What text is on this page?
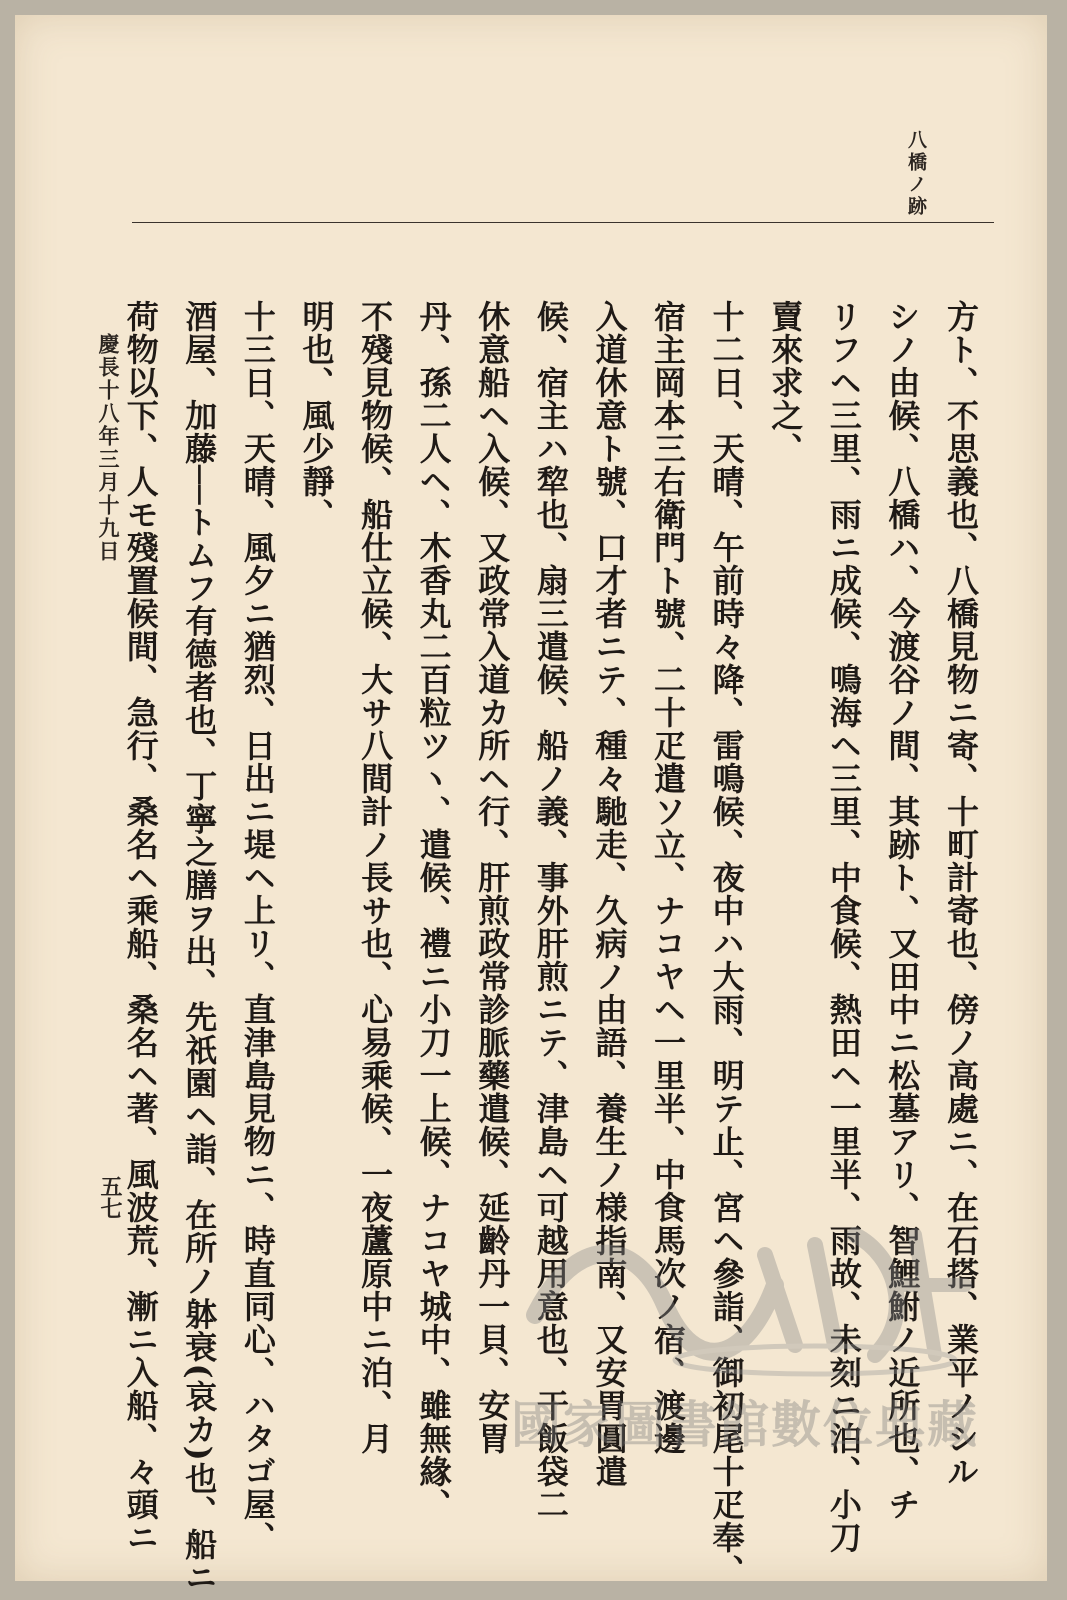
八橋ノ跡
方ト、不思義也、八橋見物ニ寄、十町計寄也、傍ノ高處ニ、在石搭、業平ノシル
シノ由候、八橋ハ、今渡谷ノ間、其跡ト、又田中ニ松墓アリ、智鯉鮒ノ近所也、チ
リフヘ三里、雨ニ成候、鳴海ヘ三里、中食候、熱田ヘ一里半、雨故、未刻ニ泊、小刀
賣來求之、
十二日、天晴、午前時々降、雷鳴候、夜中ハ大雨、明テ止、宮ヘ參詣、御初尾十疋奉、
宿主岡本三右衛門ト號、二十疋遣ソ立、ナコヤヘ一里半、中食馬次ノ宿、渡邊
入道休意ト號、口才者ニテ、種々馳走、久病ノ由語、養生ノ様指南、又安胃圓遣
候、宿主ハ犂也、扇三遣候、船ノ義、事外肝煎ニテ、津島ヘ可越用意也、干飯袋二
休意船ヘ入候、又政常入道カ所ヘ行、肝煎政常診脈藥遣候、延齡丹一貝、安胃
丹、孫二人ヘ、木香丸二百粒ツヽ、遣候、禮ニ小刀一上候、ナコヤ城中、雖無緣、
不殘見物候、船仕立候、大サ八間計ノ長サ也、心易乘候、一夜蘆原中ニ泊、月
明也、風少靜、
十三日、天晴、風夕ニ猶烈、日出ニ堤ヘ上リ、直津島見物ニ、時直同心、ハタゴ屋、
酒屋、加藤──トムフ有德者也、丁寧之膳ヲ出、先祇園ヘ詣、在所ノ躰衰(哀カ)也、船ニ
荷物以下、人モ殘置候間、急行、桑名ヘ乘船、桑名ヘ著、風波荒、漸ニ入船、々頭ニ
慶長十八年三月十九日
五七
國家圖書館數位典藏
